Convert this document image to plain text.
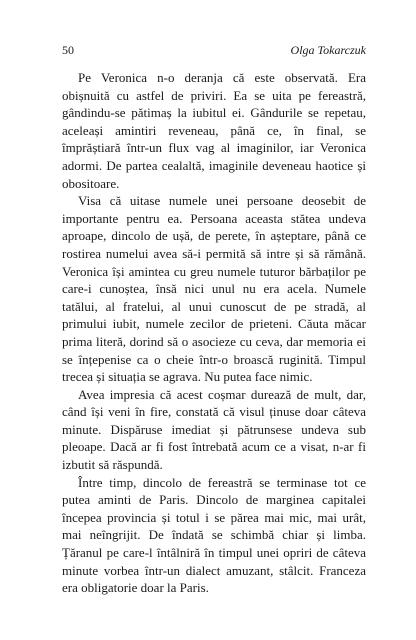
50	Olga Tokarczuk

Pe Veronica n-o deranja că este observată. Era obișnuită cu astfel de priviri. Ea se uita pe fereastră, gândindu-se pătimaș la iubitul ei. Gândurile se repetau, aceleași amintiri reveneau, până ce, în final, se împrăștiară într-un flux vag al imaginilor, iar Veronica adormi. De partea cealaltă, imaginile deveneau haotice și obositoare.

Visa că uitase numele unei persoane deosebit de importante pentru ea. Persoana aceasta stătea undeva aproape, dincolo de ușă, de perete, în așteptare, până ce rostirea numelui avea să-i permită să intre și să rămână. Veronica își amintea cu greu numele tuturor bărbaților pe care-i cunoștea, însă nici unul nu era acela. Numele tatălui, al fratelui, al unui cunoscut de pe stradă, al primului iubit, numele zecilor de prieteni. Căuta măcar prima literă, dorind să o asocieze cu ceva, dar memoria ei se înțepenise ca o cheie într-o broască ruginită. Timpul trecea și situația se agrava. Nu putea face nimic.

Avea impresia că acest coșmar durează de mult, dar, când își veni în fire, constată că visul ținuse doar câteva minute. Dispăruse imediat și pătrunsese undeva sub pleoape. Dacă ar fi fost întrebată acum ce a visat, n-ar fi izbutit să răspundă.

Între timp, dincolo de fereastră se terminase tot ce putea aminti de Paris. Dincolo de marginea capitalei începea provincia și totul i se părea mai mic, mai urât, mai neîngrijit. De îndată se schimbă chiar și limba. Țăranul pe care-l întâlniră în timpul unei opriri de câteva minute vorbea într-un dialect amuzant, stâlcit. Franceza era obligatorie doar la Paris.
